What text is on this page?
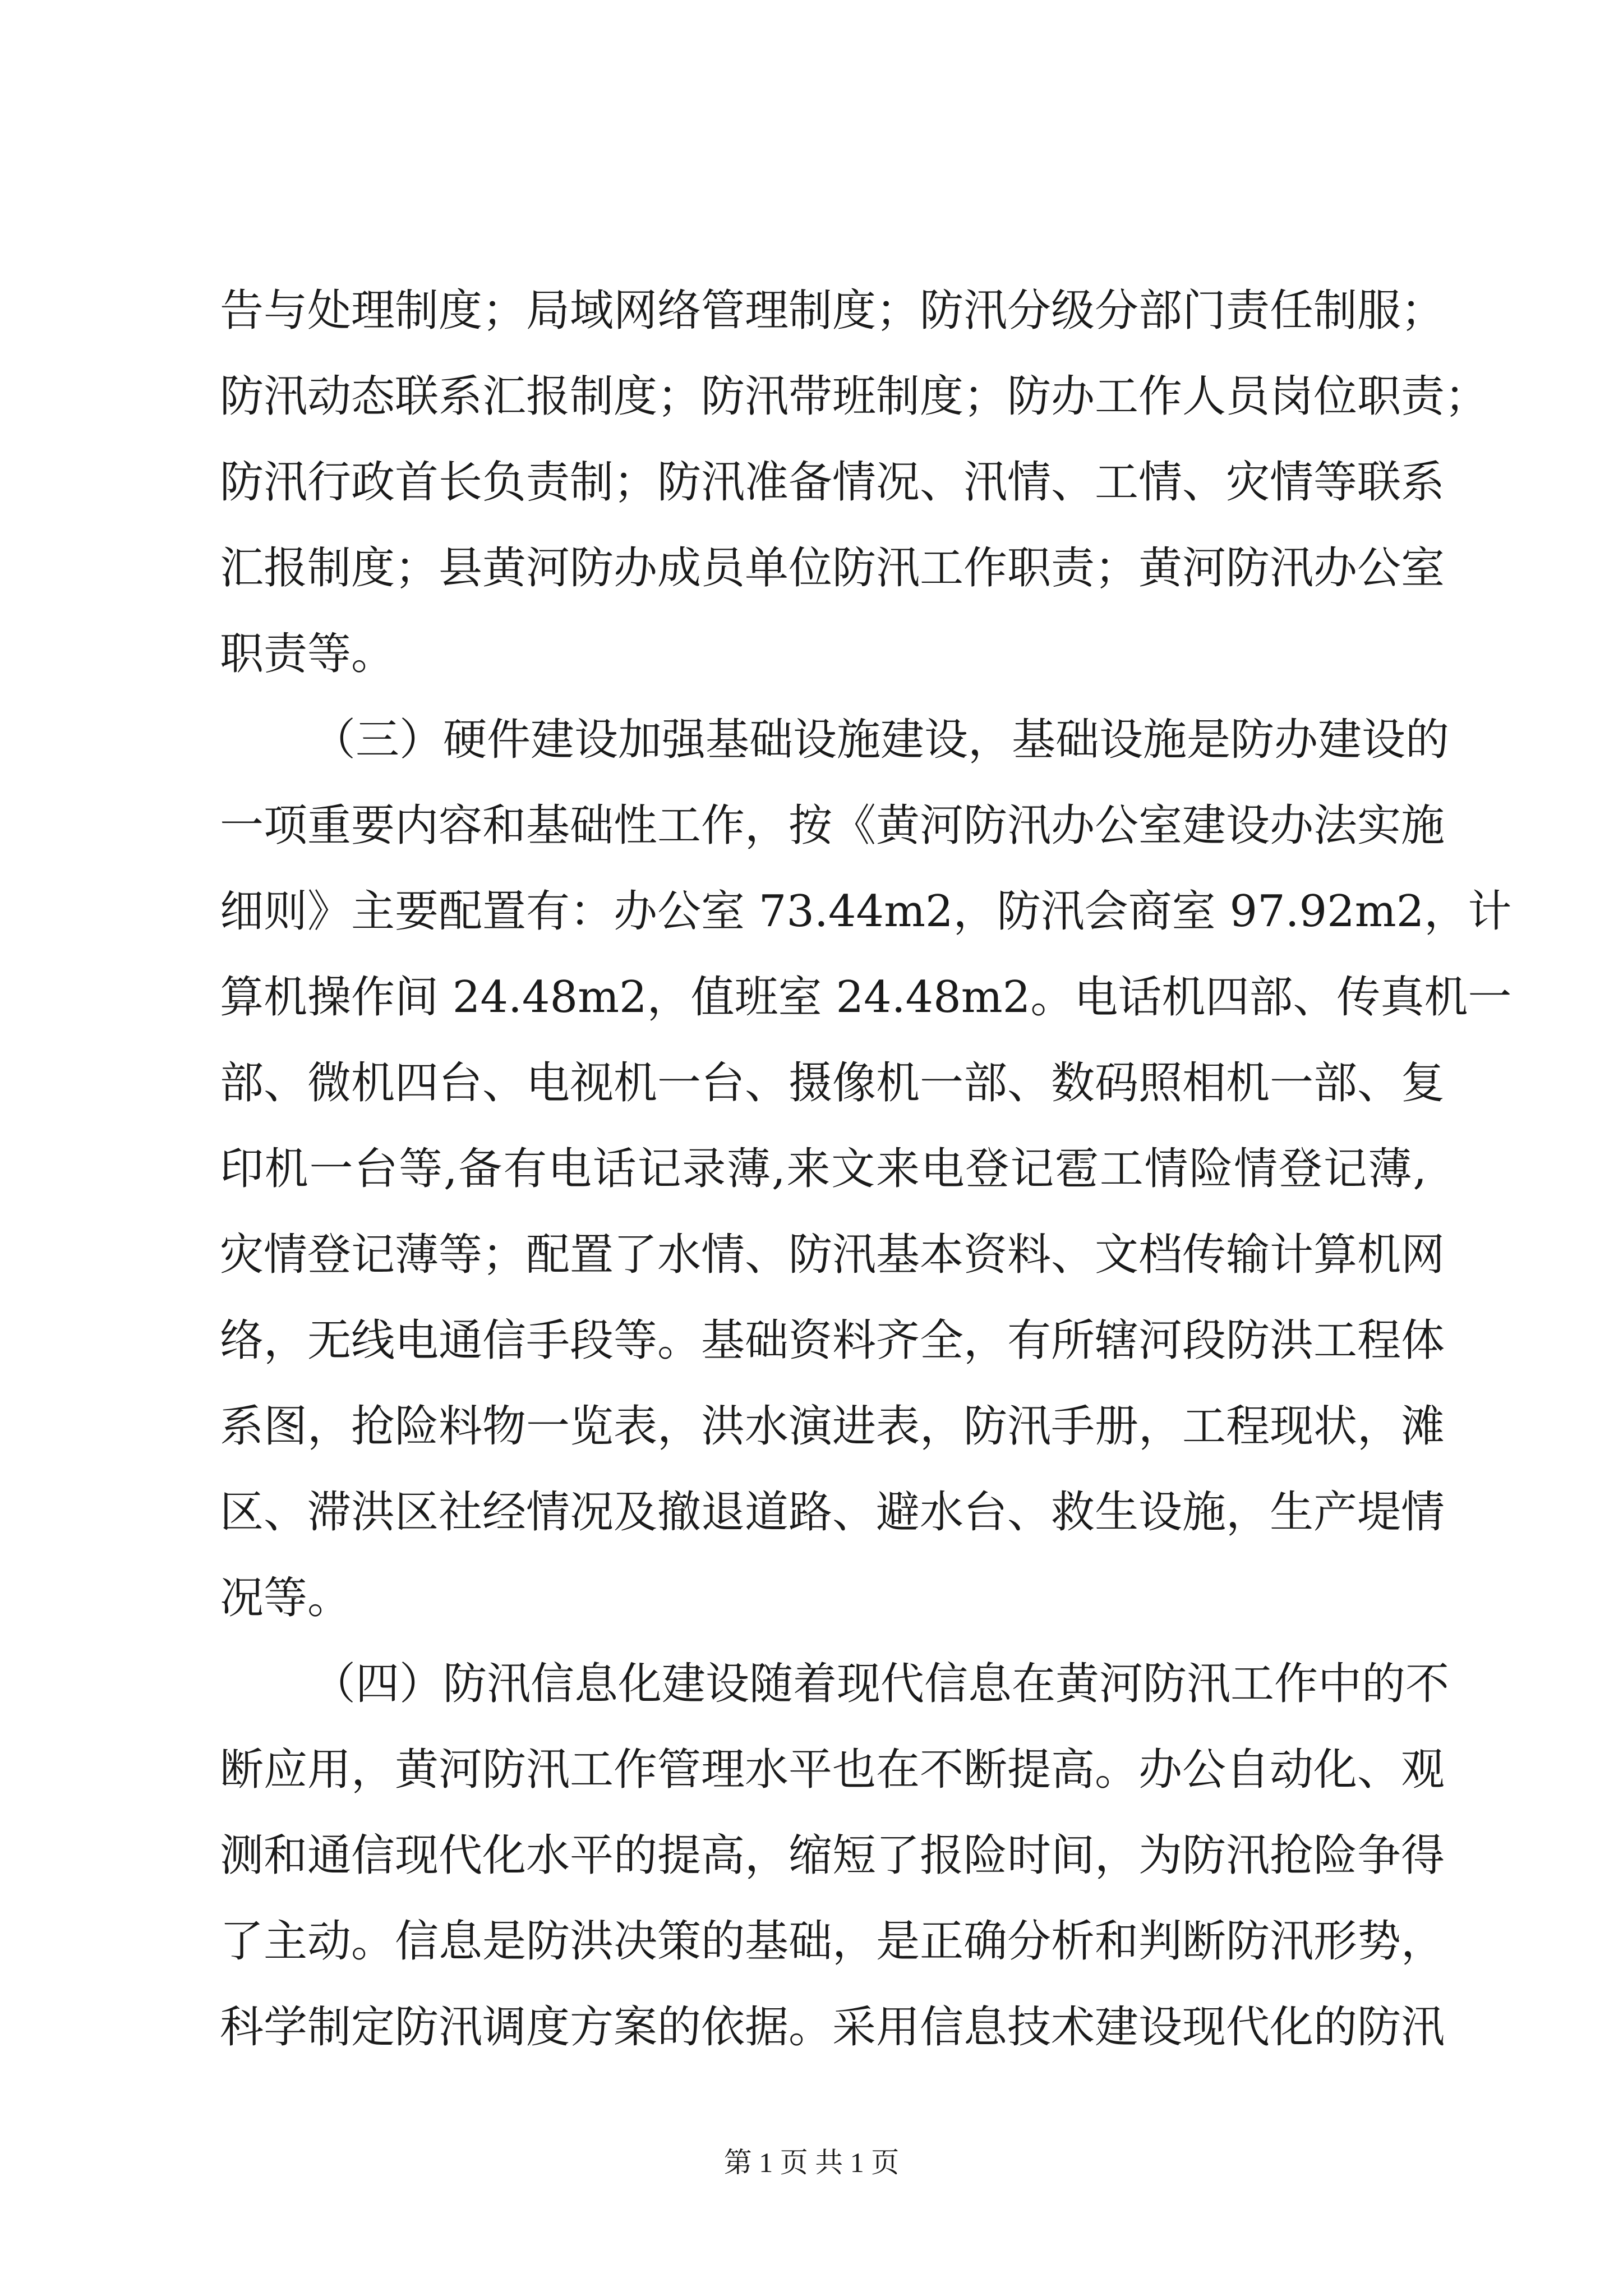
告与处理制度；局域网络管理制度；防汛分级分部门责任制服；
防汛动态联系汇报制度；防汛带班制度；防办工作人员岗位职责；
防汛行政首长负责制；防汛准备情况、汛情、工情、灾情等联系
汇报制度；县黄河防办成员单位防汛工作职责；黄河防汛办公室
职责等。
（三）硬件建设加强基础设施建设，基础设施是防办建设的
一项重要内容和基础性工作，按《黄河防汛办公室建设办法实施
细则》主要配置有：办公室 73.44m2，防汛会商室 97.92m2，计
算机操作间 24.48m2，值班室 24.48m2。电话机四部、传真机一
部、微机四台、电视机一台、摄像机一部、数码照相机一部、复
印机一台等,备有电话记录薄,来文来电登记雹工情险情登记薄,
灾情登记薄等；配置了水情、防汛基本资料、文档传输计算机网
络，无线电通信手段等。基础资料齐全，有所辖河段防洪工程体
系图，抢险料物一览表，洪水演进表，防汛手册，工程现状，滩
区、滞洪区社经情况及撤退道路、避水台、救生设施，生产堤情
况等。
（四）防汛信息化建设随着现代信息在黄河防汛工作中的不
断应用，黄河防汛工作管理水平也在不断提高。办公自动化、观
测和通信现代化水平的提高，缩短了报险时间，为防汛抢险争得
了主动。信息是防洪决策的基础，是正确分析和判断防汛形势，
科学制定防汛调度方案的依据。采用信息技术建设现代化的防汛
第 1 页 共 1 页
